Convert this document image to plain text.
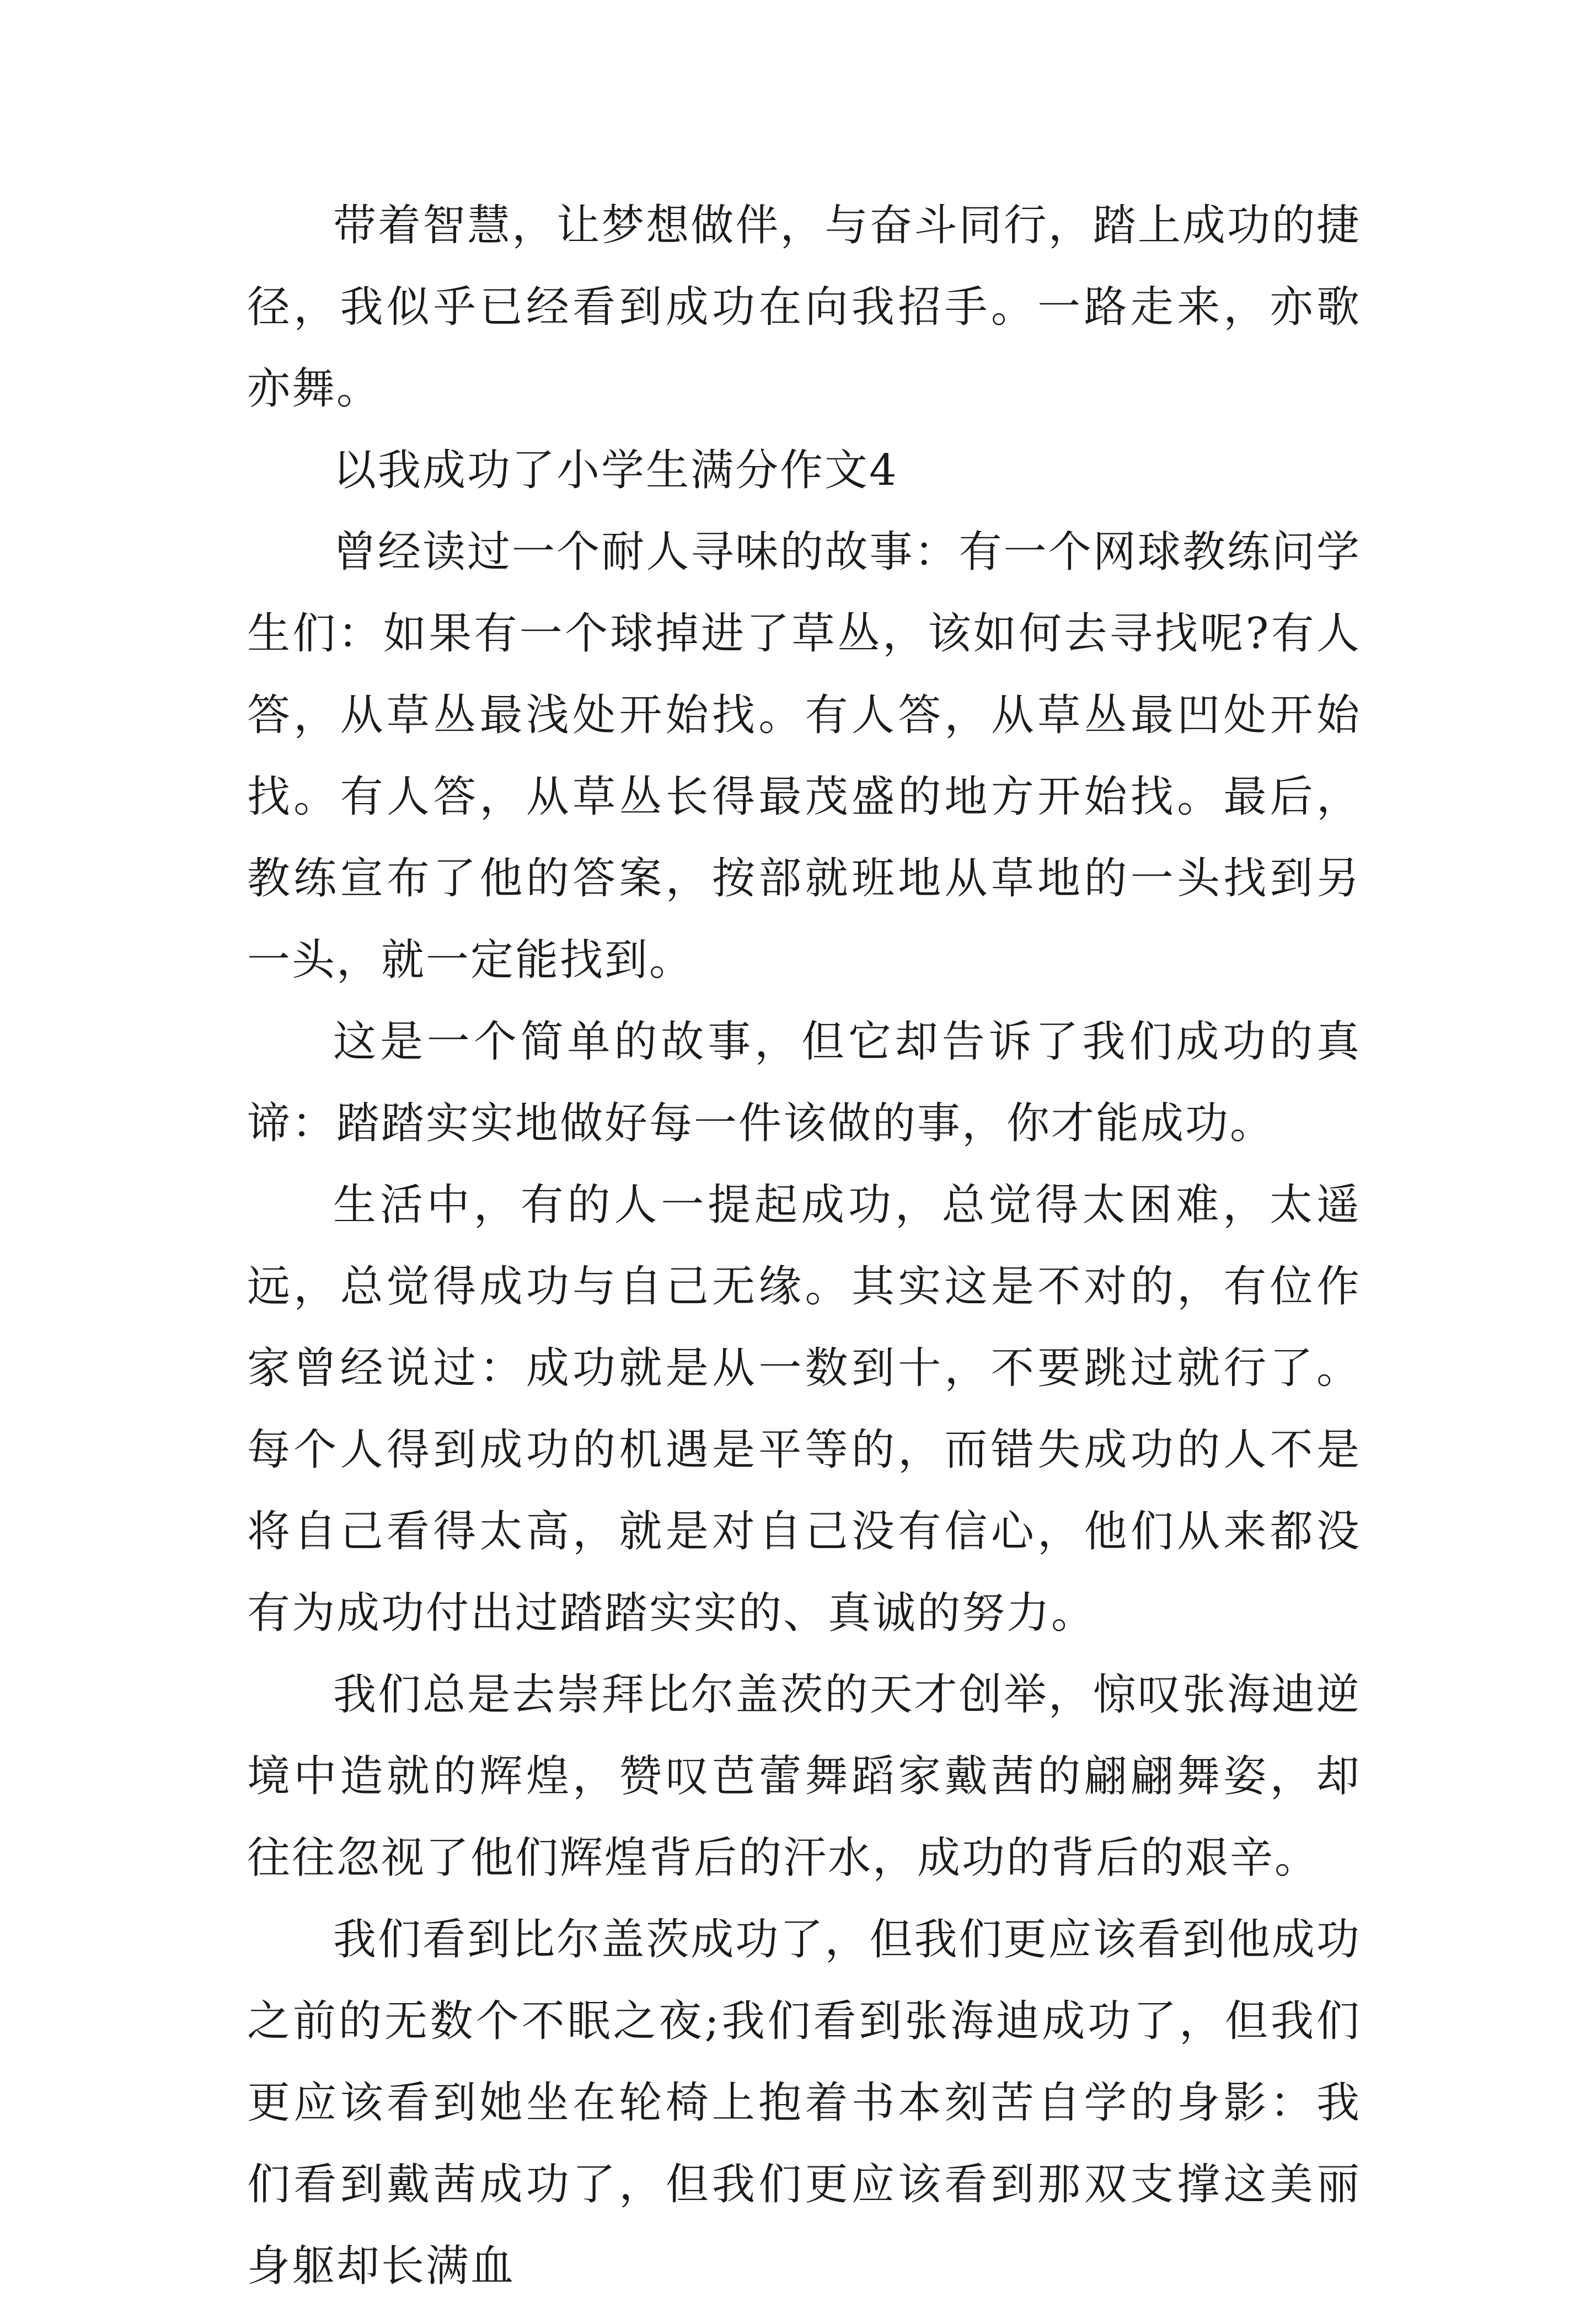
带着智慧，让梦想做伴，与奋斗同行，踏上成功的捷径，我似乎已经看到成功在向我招手。一路走来，亦歌亦舞。

以我成功了小学生满分作文4

曾经读过一个耐人寻味的故事：有一个网球教练问学生们：如果有一个球掉进了草丛，该如何去寻找呢?有人答，从草丛最浅处开始找。有人答，从草丛最凹处开始找。有人答，从草丛长得最茂盛的地方开始找。最后，教练宣布了他的答案，按部就班地从草地的一头找到另一头，就一定能找到。

这是一个简单的故事，但它却告诉了我们成功的真谛：踏踏实实地做好每一件该做的事，你才能成功。

生活中，有的人一提起成功，总觉得太困难，太遥远，总觉得成功与自己无缘。其实这是不对的，有位作家曾经说过：成功就是从一数到十，不要跳过就行了。每个人得到成功的机遇是平等的，而错失成功的人不是将自己看得太高，就是对自己没有信心，他们从来都没有为成功付出过踏踏实实的、真诚的努力。

我们总是去崇拜比尔盖茨的天才创举，惊叹张海迪逆境中造就的辉煌，赞叹芭蕾舞蹈家戴茜的翩翩舞姿，却往往忽视了他们辉煌背后的汗水，成功的背后的艰辛。

我们看到比尔盖茨成功了，但我们更应该看到他成功之前的无数个不眠之夜;我们看到张海迪成功了，但我们更应该看到她坐在轮椅上抱着书本刻苦自学的身影：我们看到戴茜成功了，但我们更应该看到那双支撑这美丽身躯却长满血
